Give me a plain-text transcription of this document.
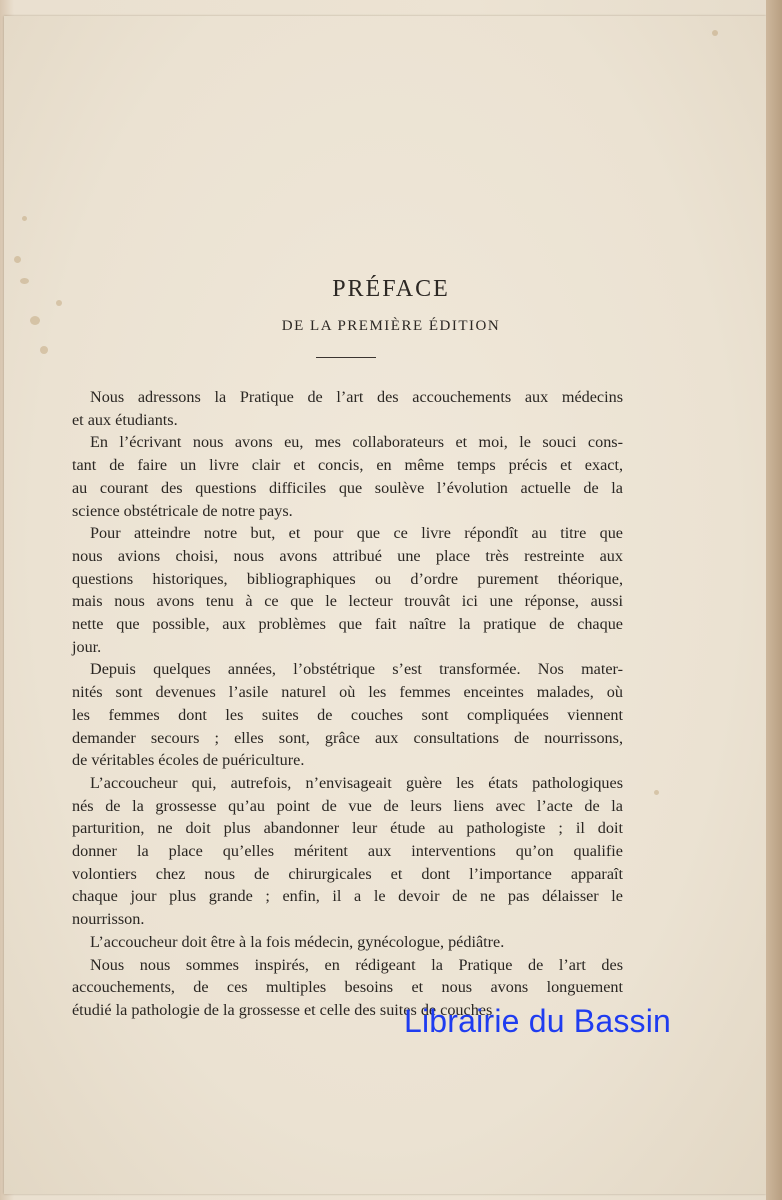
PRÉFACE
DE LA PREMIÈRE ÉDITION
Nous adressons la Pratique de l’art des accouchements aux médecins
et aux étudiants.
En l’écrivant nous avons eu, mes collaborateurs et moi, le souci cons-
tant de faire un livre clair et concis, en même temps précis et exact,
au courant des questions difficiles que soulève l’évolution actuelle de la
science obstétricale de notre pays.
Pour atteindre notre but, et pour que ce livre répondît au titre que
nous avions choisi, nous avons attribué une place très restreinte aux
questions historiques, bibliographiques ou d’ordre purement théorique,
mais nous avons tenu à ce que le lecteur trouvât ici une réponse, aussi
nette que possible, aux problèmes que fait naître la pratique de chaque
jour.
Depuis quelques années, l’obstétrique s’est transformée. Nos mater-
nités sont devenues l’asile naturel où les femmes enceintes malades, où
les femmes dont les suites de couches sont compliquées viennent
demander secours ; elles sont, grâce aux consultations de nourrissons,
de véritables écoles de puériculture.
L’accoucheur qui, autrefois, n’envisageait guère les états pathologiques
nés de la grossesse qu’au point de vue de leurs liens avec l’acte de la
parturition, ne doit plus abandonner leur étude au pathologiste ; il doit
donner la place qu’elles méritent aux interventions qu’on qualifie
volontiers chez nous de chirurgicales et dont l’importance apparaît
chaque jour plus grande ; enfin, il a le devoir de ne pas délaisser le
nourrisson.
L’accoucheur doit être à la fois médecin, gynécologue, pédiâtre.
Nous nous sommes inspirés, en rédigeant la Pratique de l’art des
accouchements, de ces multiples besoins et nous avons longuement
étudié la pathologie de la grossesse et celle des suites de couches
Librairie du Bassin
